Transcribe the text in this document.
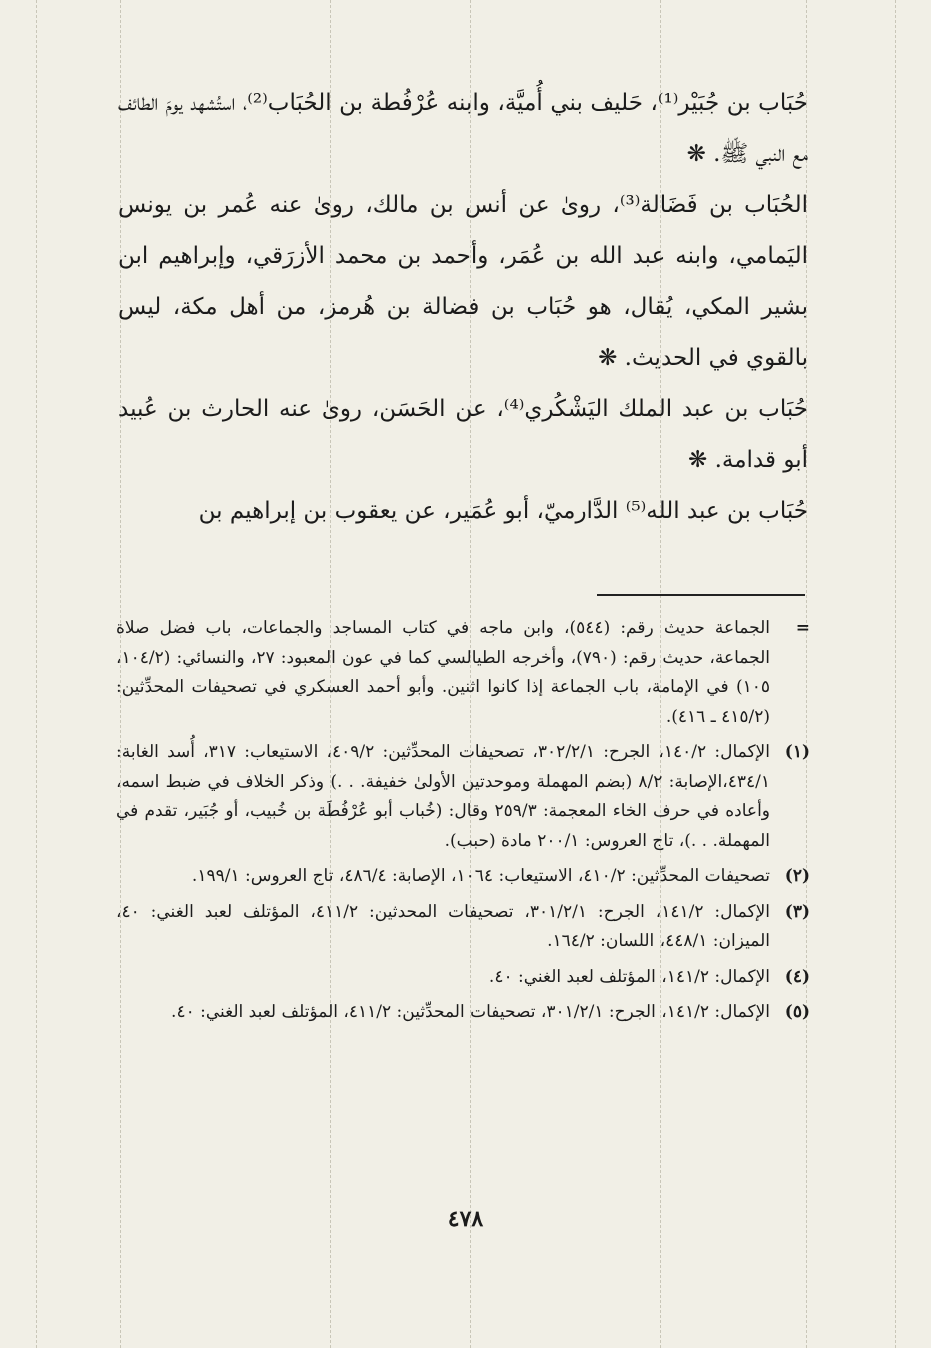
حُبَاب بن جُبَيْر⁽¹⁾، حَليف بني أُميَّة، وابنه عُرْفُطة بن الحُبَاب⁽²⁾، استُشهد يومَ الطائف مع النبي ﷺ. ❋

الحُبَاب بن فَضَالة⁽³⁾، روىٰ عن أنس بن مالك، روىٰ عنه عُمر بن يونس اليَمامي، وابنه عبد الله بن عُمَر، وأحمد بن محمد الأزرَقي، وإبراهيم ابن بشير المكي، يُقال، هو حُبَاب بن فضالة بن هُرمز، من أهل مكة، ليس بالقوي في الحديث. ❋

حُبَاب بن عبد الملك اليَشْكُري⁽⁴⁾، عن الحَسَن، روىٰ عنه الحارث بن عُبيد أبو قدامة. ❋

حُبَاب بن عبد الله⁽⁵⁾ الدَّارميّ، أبو عُمَير، عن يعقوب بن إبراهيم بن

=
الجماعة حديث رقم: (٥٤٤)، وابن ماجه في كتاب المساجد والجماعات، باب فضل صلاة الجماعة، حديث رقم: (٧٩٠)، وأخرجه الطيالسي كما في عون المعبود: ٢٧، والنسائي: (١٠٤/٢، ١٠٥) في الإمامة، باب الجماعة إذا كانوا اثنين. وأبو أحمد العسكري في تصحيفات المحدِّثين: (٤١٥/٢ ـ ٤١٦).
(١)
الإكمال: ١٤٠/٢، الجرح: ٣٠٢/٢/١، تصحيفات المحدِّثين: ٤٠٩/٢، الاستيعاب: ٣١٧، أُسد الغابة: ٤٣٤/١،الإصابة: ٨/٢ (بضم المهملة وموحدتين الأولىٰ خفيفة. . .) وذكر الخلاف في ضبط اسمه، وأعاده في حرف الخاء المعجمة: ٢٥٩/٣ وقال: (خُباب أبو عُرْفُطَة بن خُبيب، أو جُبَير، تقدم في المهملة. . .)، تاج العروس: ٢٠٠/١ مادة (حبب).
(٢)
تصحيفات المحدِّثين: ٤١٠/٢، الاستيعاب: ١٠٦٤، الإصابة: ٤٨٦/٤، تاج العروس: ١٩٩/١.
(٣)
الإكمال: ١٤١/٢، الجرح: ٣٠١/٢/١، تصحيفات المحدثين: ٤١١/٢، المؤتلف لعبد الغني: ٤٠، الميزان: ٤٤٨/١، اللسان: ١٦٤/٢.
(٤)
الإكمال: ١٤١/٢، المؤتلف لعبد الغني: ٤٠.
(٥)
الإكمال: ١٤١/٢، الجرح: ٣٠١/٢/١، تصحيفات المحدِّثين: ٤١١/٢، المؤتلف لعبد الغني: ٤٠.
٤٧٨
